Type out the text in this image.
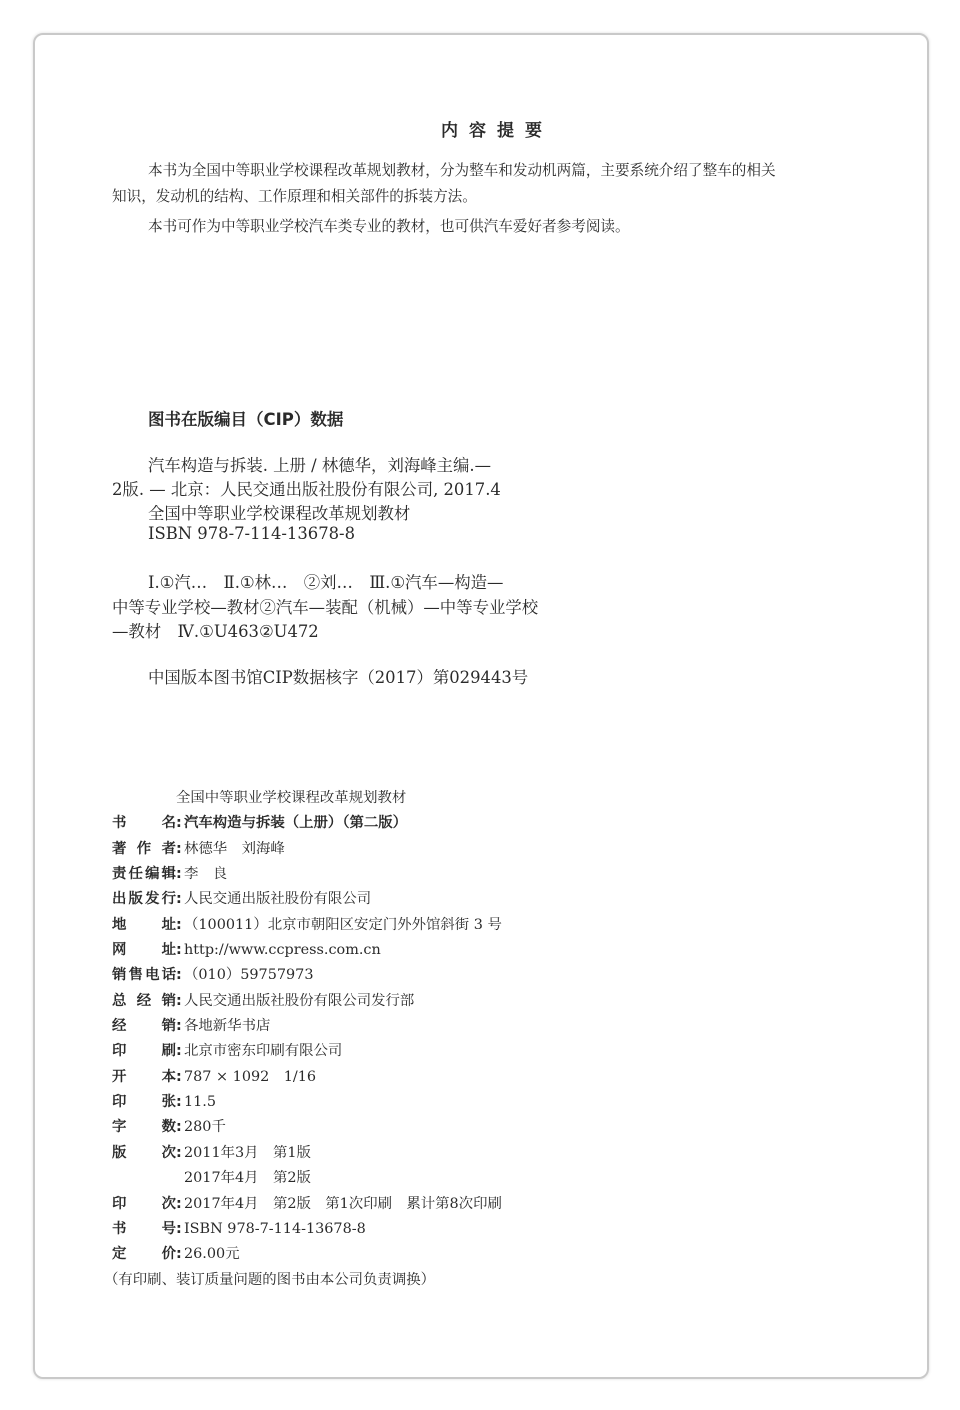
内容提要
本书为全国中等职业学校课程改革规划教材，分为整车和发动机两篇，主要系统介绍了整车的相关
知识，发动机的结构、工作原理和相关部件的拆装方法。
本书可作为中等职业学校汽车类专业的教材，也可供汽车爱好者参考阅读。
图书在版编目（CIP）数据
汽车构造与拆装. 上册 / 林德华，刘海峰主编.—
2版. — 北京：人民交通出版社股份有限公司, 2017.4
全国中等职业学校课程改革规划教材
ISBN 978-7-114-13678-8
Ⅰ.①汽…　Ⅱ.①林…　②刘…　Ⅲ.①汽车—构造—
中等专业学校—教材②汽车—装配（机械）—中等专业学校
—教材　Ⅳ.①U463②U472
中国版本图书馆CIP数据核字（2017）第029443号
全国中等职业学校课程改革规划教材
书名 : 汽车构造与拆装（上册）（第二版）
著作者 : 林德华　刘海峰
责任编辑 : 李　良
出版发行 : 人民交通出版社股份有限公司
地址 : （100011）北京市朝阳区安定门外外馆斜街 3 号
网址 : http://www.ccpress.com.cn
销售电话 : （010）59757973
总经销 : 人民交通出版社股份有限公司发行部
经销 : 各地新华书店
印刷 : 北京市密东印刷有限公司
开本 : 787 × 1092　1/16
印张 : 11.5
字数 : 280千
版次 : 2011年3月　第1版
2017年4月　第2版
印次 : 2017年4月　第2版　第1次印刷　累计第8次印刷
书号 : ISBN 978-7-114-13678-8
定价 : 26.00元
（有印刷、装订质量问题的图书由本公司负责调换）
